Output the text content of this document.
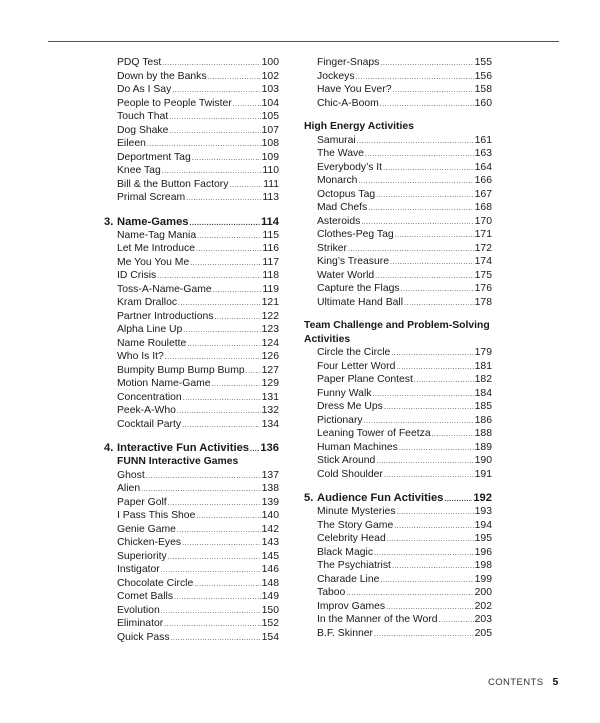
PDQ Test .....	100
Down by the Banks .....	102
Do As I Say .....	103
People to People Twister .....	104
Touch That .....	105
Dog Shake .....	107
Eileen .....	108
Deportment Tag .....	109
Knee Tag .....	110
Bill & the Button Factory .....	111
Primal Scream .....	113
3. Name-Games .....	114
Name-Tag Mania .....	115
Let Me Introduce .....	116
Me You You Me .....	117
ID Crisis .....	118
Toss-A-Name-Game .....	119
Kram Dralloc .....	121
Partner Introductions .....	122
Alpha Line Up .....	123
Name Roulette .....	124
Who Is It? .....	126
Bumpity Bump Bump Bump ..... 127
Motion Name-Game .....	129
Concentration .....	131
Peek-A-Who .....	132
Cocktail Party .....	134
4. Interactive Fun Activities ..... 136
FUNN Interactive Games
Ghost .....	137
Alien .....	138
Paper Golf .....	139
I Pass This Shoe .....	140
Genie Game .....	142
Chicken-Eyes .....	143
Superiority .....	145
Instigator .....	146
Chocolate Circle .....	148
Comet Balls .....	149
Evolution .....	150
Eliminator .....	152
Quick Pass .....	154
Finger-Snaps .....	155
Jockeys .....	156
Have You Ever? .....	158
Chic-A-Boom .....	160
High Energy Activities
Samurai .....	161
The Wave .....	163
Everybody’s It .....	164
Monarch .....	166
Octopus Tag .....	167
Mad Chefs .....	168
Asteroids .....	170
Clothes-Peg Tag .....	171
Striker .....	172
King’s Treasure .....	174
Water World .....	175
Capture the Flags .....	176
Ultimate Hand Ball .....	178
Team Challenge and Problem-Solving Activities
Circle the Circle .....	179
Four Letter Word .....	181
Paper Plane Contest .....	182
Funny Walk .....	184
Dress Me Ups .....	185
Pictionary .....	186
Leaning Tower of Feetza .....	188
Human Machines .....	189
Stick Around .....	190
Cold Shoulder .....	191
5. Audience Fun Activities .....	192
Minute Mysteries .....	193
The Story Game .....	194
Celebrity Head .....	195
Black Magic .....	196
The Psychiatrist .....	198
Charade Line .....	199
Taboo .....	200
Improv Games .....	202
In the Manner of the Word .....	203
B.F. Skinner .....	205
CONTENTS 5
